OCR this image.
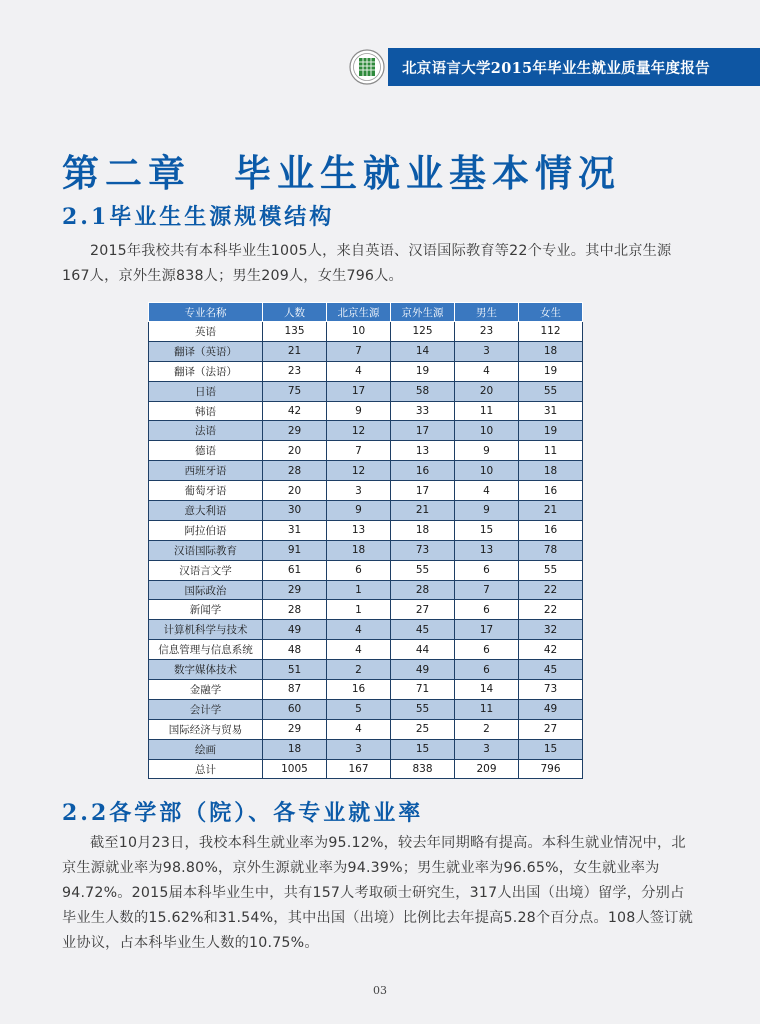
北京语言大学2015年毕业生就业质量年度报告
第二章　毕业生就业基本情况
2.1毕业生生源规模结构
2015年我校共有本科毕业生1005人，来自英语、汉语国际教育等22个专业。其中北京生源167人，京外生源838人；男生209人，女生796人。
专业名称	人数	北京生源	京外生源	男生	女生
英语	135	10	125	23	112
翻译（英语）	21	7	14	3	18
翻译（法语）	23	4	19	4	19
日语	75	17	58	20	55
韩语	42	9	33	11	31
法语	29	12	17	10	19
德语	20	7	13	9	11
西班牙语	28	12	16	10	18
葡萄牙语	20	3	17	4	16
意大利语	30	9	21	9	21
阿拉伯语	31	13	18	15	16
汉语国际教育	91	18	73	13	78
汉语言文学	61	6	55	6	55
国际政治	29	1	28	7	22
新闻学	28	1	27	6	22
计算机科学与技术	49	4	45	17	32
信息管理与信息系统	48	4	44	6	42
数字媒体技术	51	2	49	6	45
金融学	87	16	71	14	73
会计学	60	5	55	11	49
国际经济与贸易	29	4	25	2	27
绘画	18	3	15	3	15
总计	1005	167	838	209	796
2.2各学部（院）、各专业就业率
截至10月23日，我校本科生就业率为95.12%，较去年同期略有提高。本科生就业情况中，北京生源就业率为98.80%，京外生源就业率为94.39%；男生就业率为96.65%，女生就业率为94.72%。2015届本科毕业生中，共有157人考取硕士研究生，317人出国（出境）留学，分别占毕业生人数的15.62%和31.54%，其中出国（出境）比例比去年提高5.28个百分点。108人签订就业协议，占本科毕业生人数的10.75%。
03
